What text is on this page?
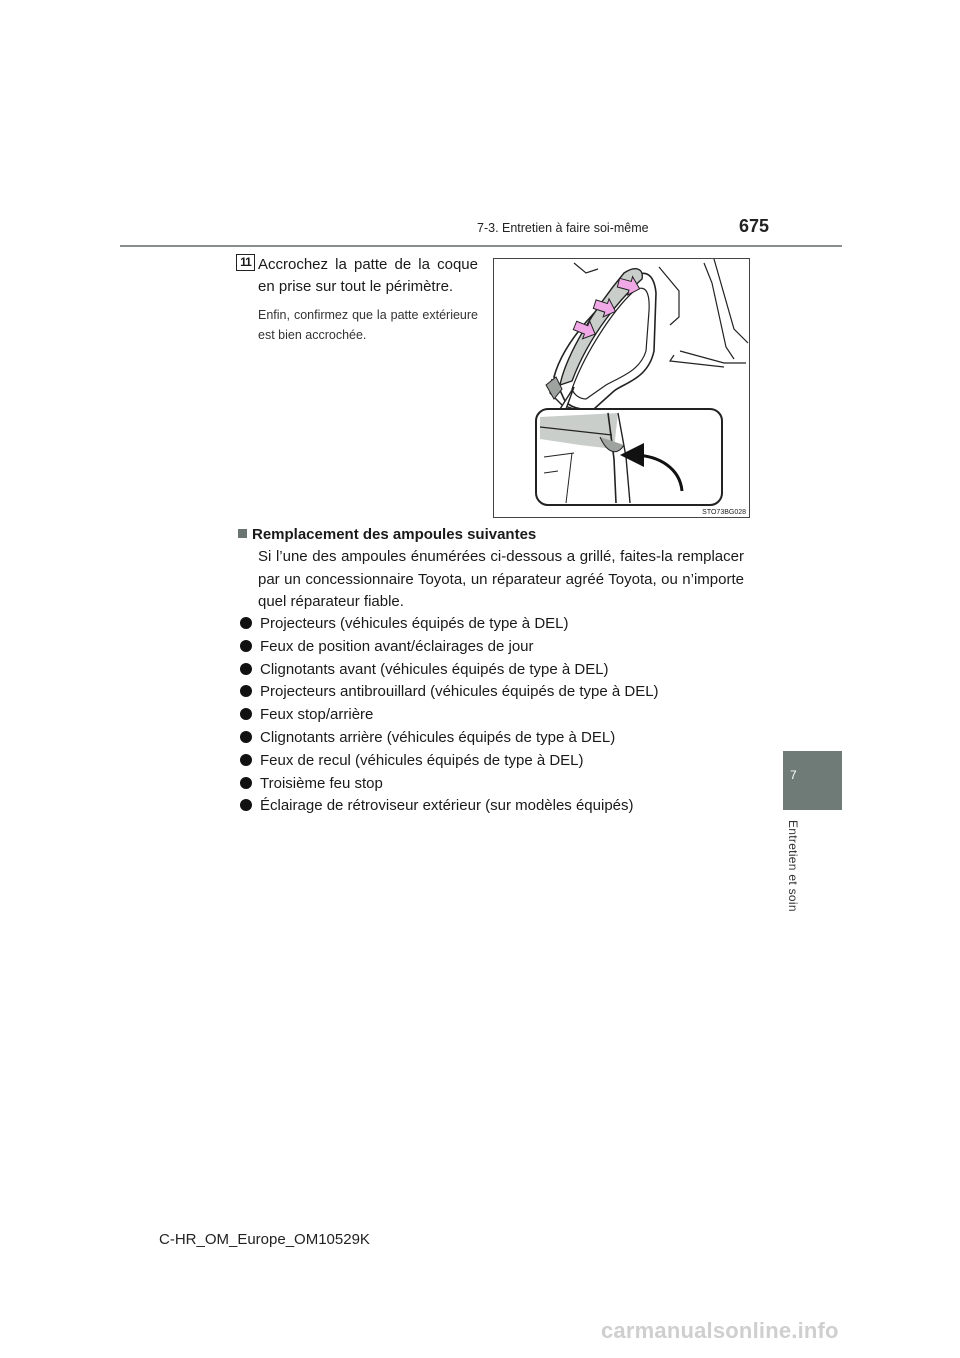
7-3. Entretien à faire soi-même	675
7
Entretien et soin
11 Accrochez la patte de la coque en prise sur tout le périmètre.
Enfin, confirmez que la patte extérieure est bien accrochée.
STO73BG028
Remplacement des ampoules suivantes
Si l’une des ampoules énumérées ci-dessous a grillé, faites-la remplacer par un concessionnaire Toyota, un réparateur agréé Toyota, ou n’importe quel réparateur fiable.
Projecteurs (véhicules équipés de type à DEL)
Feux de position avant/éclairages de jour
Clignotants avant (véhicules équipés de type à DEL)
Projecteurs antibrouillard (véhicules équipés de type à DEL)
Feux stop/arrière
Clignotants arrière (véhicules équipés de type à DEL)
Feux de recul (véhicules équipés de type à DEL)
Troisième feu stop
Éclairage de rétroviseur extérieur (sur modèles équipés)
C-HR_OM_Europe_OM10529K
carmanualsonline.info
